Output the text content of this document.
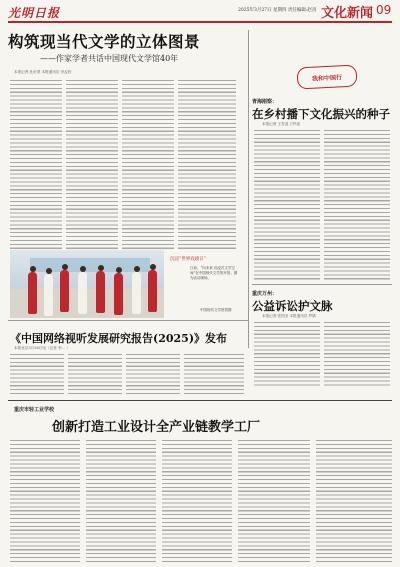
光明日报	2025年3月27日 星期四 责任编辑:赵涛 文化新闻 09
构筑现当代文学的立体图景
——作家学者共话中国现代文学馆40年
本报记者 杜沂蒙 本报通讯员 李孟欣
沉浸“世界戏剧日”
日前，“向未来·沉浸式文学空间”在中国现代文学馆开馆。图为活动现场。
中国现代文学馆供图
我和中国行
青海刚察：
在乡村播下文化振兴的种子
本报记者 王雪迎 万玛加
重庆万州：
公益诉讼护文脉
本报记者 张国圣 本报通讯员 罗婧
《中国网络视听发展研究报告(2025)》发布
本报北京3月26日电（记者 李... ）
重庆市轻工业学校
创新打造工业设计全产业链教学工厂
